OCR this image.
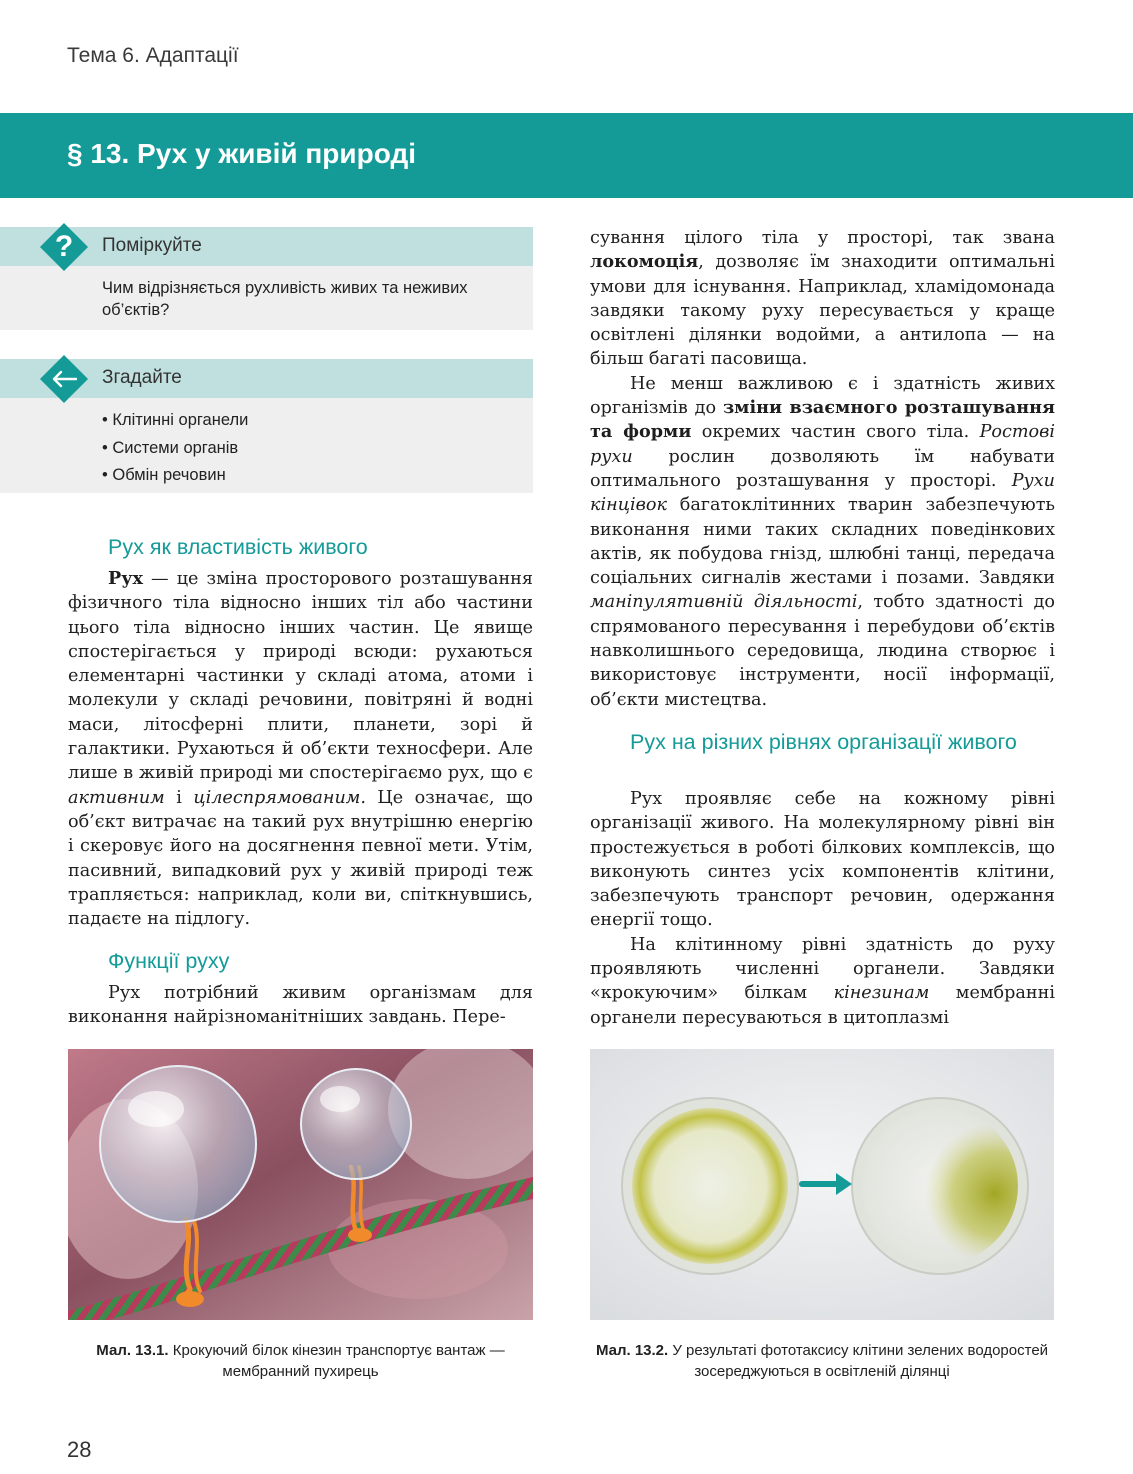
Тема 6. Адаптації
§ 13. Рух у живій природі
Поміркуйте
Чим відрізняється рухливість живих та неживих об’єктів?
?
Згадайте
• Клітинні органели
• Системи органів
• Обмін речовин
Рух як властивість живого

Рух — це зміна просторового розташування фізичного тіла відносно інших тіл або частини цього тіла відносно інших частин. Це явище спостерігається у природі всюди: рухаються елементарні частинки у складі атома, атоми і молекули у складі речовини, повітряні й водні маси, літосферні плити, планети, зорі й галактики. Рухаються й об’єкти техносфери. Але лише в живій природі ми спостерігаємо рух, що є активним і цілеспрямованим. Це означає, що об’єкт витрачає на такий рух внутрішню енергію і скеровує його на досягнення певної мети. Утім, пасивний, випадковий рух у живій природі теж трапляється: наприклад, коли ви, спіткнувшись, падаєте на підлогу.

Функції руху

Рух потрібний живим організмам для виконання найрізноманітніших завдань. Пере-

сування цілого тіла у просторі, так звана локомоція, дозволяє їм знаходити оптимальні умови для існування. Наприклад, хламідомонада завдяки такому руху пересувається у краще освітлені ділянки водойми, а антилопа — на більш багаті пасовища.

Не менш важливою є і здатність живих організмів до зміни взаємного розташування та форми окремих частин свого тіла. Ростові рухи рослин дозволяють їм набувати оптимального розташування у просторі. Рухи кінцівок багатоклітинних тварин забезпечують виконання ними таких складних поведінкових актів, як побудова гнізд, шлюбні танці, передача соціальних сигналів жестами і позами. Завдяки маніпулятивній діяльності, тобто здатності до спрямованого пересування і перебудови об’єктів навколишнього середовища, людина створює і використовує інструменти, носії інформації, об’єкти мистецтва.

Рух на різних рівнях організації живого

Рух проявляє себе на кожному рівні організації живого. На молекулярному рівні він простежується в роботі білкових комплексів, що виконують синтез усіх компонентів клітини, забезпечують транспорт речовин, одержання енергії тощо.

На клітинному рівні здатність до руху проявляють численні органели. Завдяки «крокуючим» білкам кінезинам мембранні органели пересуваються в цитоплазмі

Мал. 13.1. Крокуючий білок кінезин транспортує вантаж — мембранний пухирець
Мал. 13.2. У результаті фототаксису клітини зелених водоростей зосереджуються в освітленій ділянці
28
